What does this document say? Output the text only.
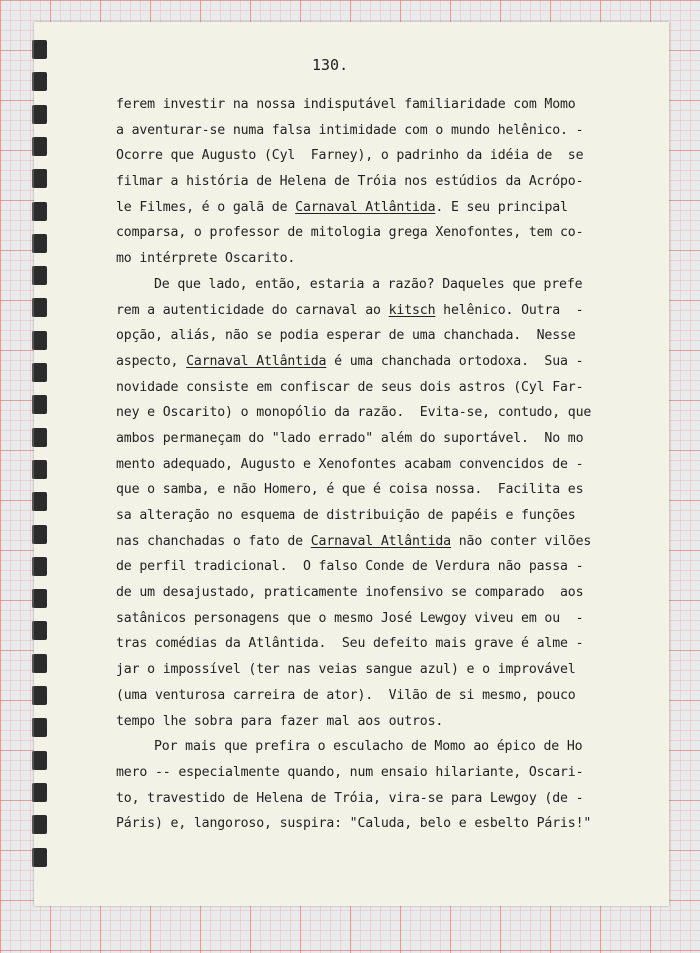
130.
ferem investir na nossa indisputável familiaridade com Momo
a aventurar-se numa falsa intimidade com o mundo helênico. -
Ocorre que Augusto (Cyl  Farney), o padrinho da idéia de  se
filmar a história de Helena de Tróia nos estúdios da Acrópo-
le Filmes, é o galã de Carnaval Atlântida. E seu principal
comparsa, o professor de mitologia grega Xenofontes, tem co-
mo intérprete Oscarito.
De que lado, então, estaria a razão? Daqueles que prefe
rem a autenticidade do carnaval ao kitsch helênico. Outra  -
opção, aliás, não se podia esperar de uma chanchada.  Nesse
aspecto, Carnaval Atlântida é uma chanchada ortodoxa.  Sua -
novidade consiste em confiscar de seus dois astros (Cyl Far-
ney e Oscarito) o monopólio da razão.  Evita-se, contudo, que
ambos permaneçam do "lado errado" além do suportável.  No mo
mento adequado, Augusto e Xenofontes acabam convencidos de -
que o samba, e não Homero, é que é coisa nossa.  Facilita es
sa alteração no esquema de distribuição de papéis e funções
nas chanchadas o fato de Carnaval Atlântida não conter vilões
de perfil tradicional.  O falso Conde de Verdura não passa -
de um desajustado, praticamente inofensivo se comparado  aos
satânicos personagens que o mesmo José Lewgoy viveu em ou  -
tras comédias da Atlântida.  Seu defeito mais grave é alme -
jar o impossível (ter nas veias sangue azul) e o improvável
(uma venturosa carreira de ator).  Vilão de si mesmo, pouco
tempo lhe sobra para fazer mal aos outros.
Por mais que prefira o esculacho de Momo ao épico de Ho
mero -- especialmente quando, num ensaio hilariante, Oscari-
to, travestido de Helena de Tróia, vira-se para Lewgoy (de -
Páris) e, langoroso, suspira: "Caluda, belo e esbelto Páris!"
